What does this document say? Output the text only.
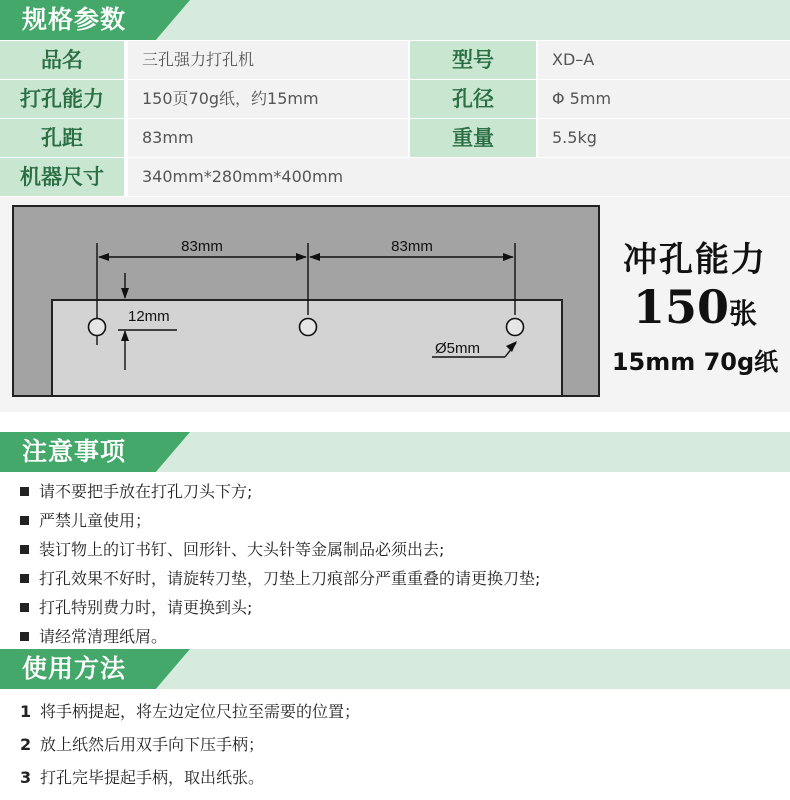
规格参数
品名	三孔强力打孔机	型号	XD–A
打孔能力	150页70g纸，约15mm	孔径	Φ 5mm
孔距	83mm	重量	5.5kg
机器尺寸	340mm*280mm*400mm
83mm	83mm
12mm
Ø5mm
冲孔能力
150张
15mm 70g纸
注意事项
请不要把手放在打孔刀头下方;
严禁儿童使用；
装订物上的订书钉、回形针、大头针等金属制品必须出去;
打孔效果不好时，请旋转刀垫，刀垫上刀痕部分严重重叠的请更换刀垫;
打孔特别费力时，请更换到头;
请经常清理纸屑。
使用方法
1 将手柄提起，将左边定位尺拉至需要的位置；
2 放上纸然后用双手向下压手柄；
3 打孔完毕提起手柄，取出纸张。
